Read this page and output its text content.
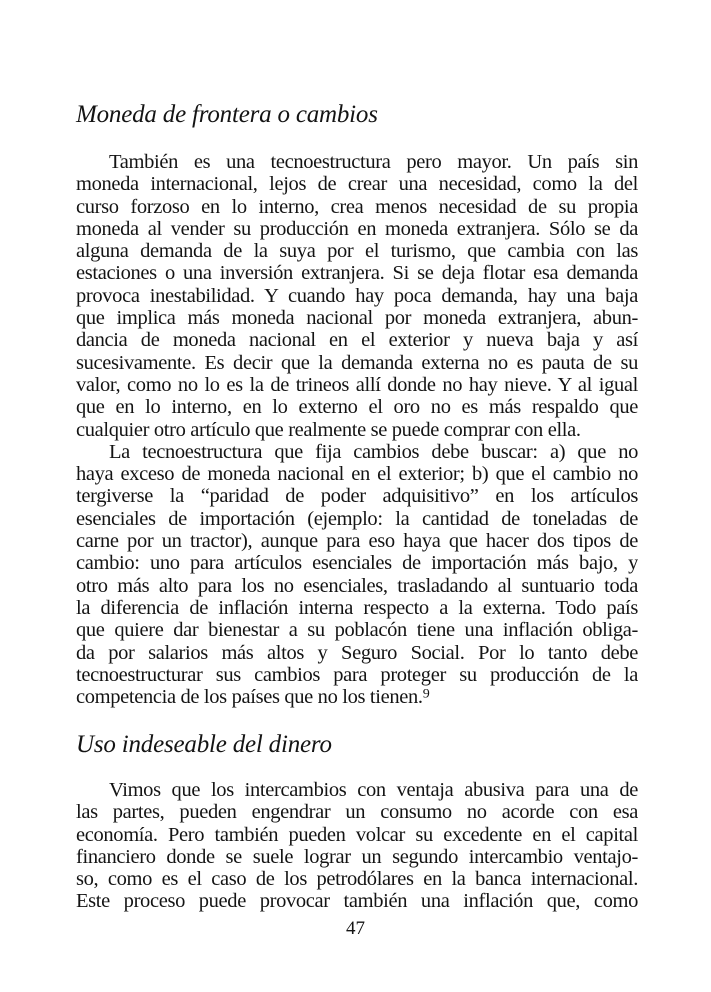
Moneda de frontera o cambios
También es una tecnoestructura pero mayor. Un país sin
moneda internacional, lejos de crear una necesidad, como la del
curso forzoso en lo interno, crea menos necesidad de su propia
moneda al vender su producción en moneda extranjera. Sólo se da
alguna demanda de la suya por el turismo, que cambia con las
estaciones o una inversión extranjera. Si se deja flotar esa demanda
provoca inestabilidad. Y cuando hay poca demanda, hay una baja
que implica más moneda nacional por moneda extranjera, abun-
dancia de moneda nacional en el exterior y nueva baja y así
sucesivamente. Es decir que la demanda externa no es pauta de su
valor, como no lo es la de trineos allí donde no hay nieve. Y al igual
que en lo interno, en lo externo el oro no es más respaldo que
cualquier otro artículo que realmente se puede comprar con ella.
La tecnoestructura que fija cambios debe buscar: a) que no
haya exceso de moneda nacional en el exterior; b) que el cambio no
tergiverse la “paridad de poder adquisitivo” en los artículos
esenciales de importación (ejemplo: la cantidad de toneladas de
carne por un tractor), aunque para eso haya que hacer dos tipos de
cambio: uno para artículos esenciales de importación más bajo, y
otro más alto para los no esenciales, trasladando al suntuario toda
la diferencia de inflación interna respecto a la externa. Todo país
que quiere dar bienestar a su poblacón tiene una inflación obliga-
da por salarios más altos y Seguro Social. Por lo tanto debe
tecnoestructurar sus cambios para proteger su producción de la
competencia de los países que no los tienen.⁹
Uso indeseable del dinero
Vimos que los intercambios con ventaja abusiva para una de
las partes, pueden engendrar un consumo no acorde con esa
economía. Pero también pueden volcar su excedente en el capital
financiero donde se suele lograr un segundo intercambio ventajo-
so, como es el caso de los petrodólares en la banca internacional.
Este proceso puede provocar también una inflación que, como
47
